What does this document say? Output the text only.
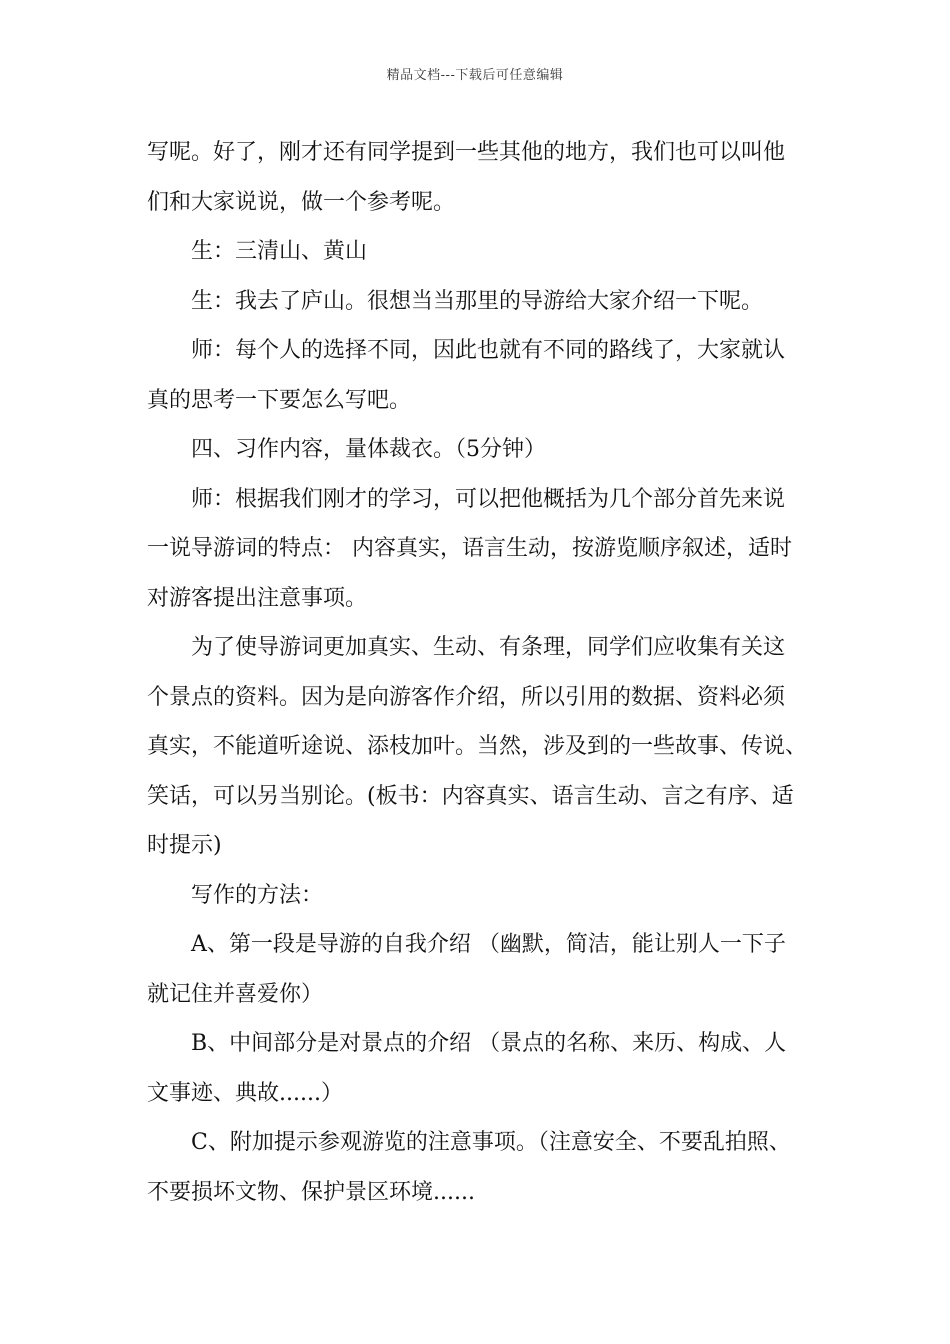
精品文档---下载后可任意编辑
写呢。好了，刚才还有同学提到一些其他的地方，我们也可以叫他
们和大家说说，做一个参考呢。
生：三清山、黄山
生：我去了庐山。很想当当那里的导游给大家介绍一下呢。
师：每个人的选择不同，因此也就有不同的路线了，大家就认
真的思考一下要怎么写吧。
四、习作内容，量体裁衣。（5分钟）
师：根据我们刚才的学习，可以把他概括为几个部分首先来说
一说导游词的特点： 内容真实，语言生动，按游览顺序叙述，适时
对游客提出注意事项。
为了使导游词更加真实、生动、有条理，同学们应收集有关这
个景点的资料。因为是向游客作介绍，所以引用的数据、资料必须
真实，不能道听途说、添枝加叶。当然，涉及到的一些故事、传说、
笑话，可以另当别论。(板书：内容真实、语言生动、言之有序、适
时提示)
写作的方法：
A、第一段是导游的自我介绍 （幽默，简洁，能让别人一下子
就记住并喜爱你）
B、中间部分是对景点的介绍 （景点的名称、来历、构成、人
文事迹、典故......）
C、附加提示参观游览的注意事项。（注意安全、不要乱拍照、
不要损坏文物、保护景区环境......
